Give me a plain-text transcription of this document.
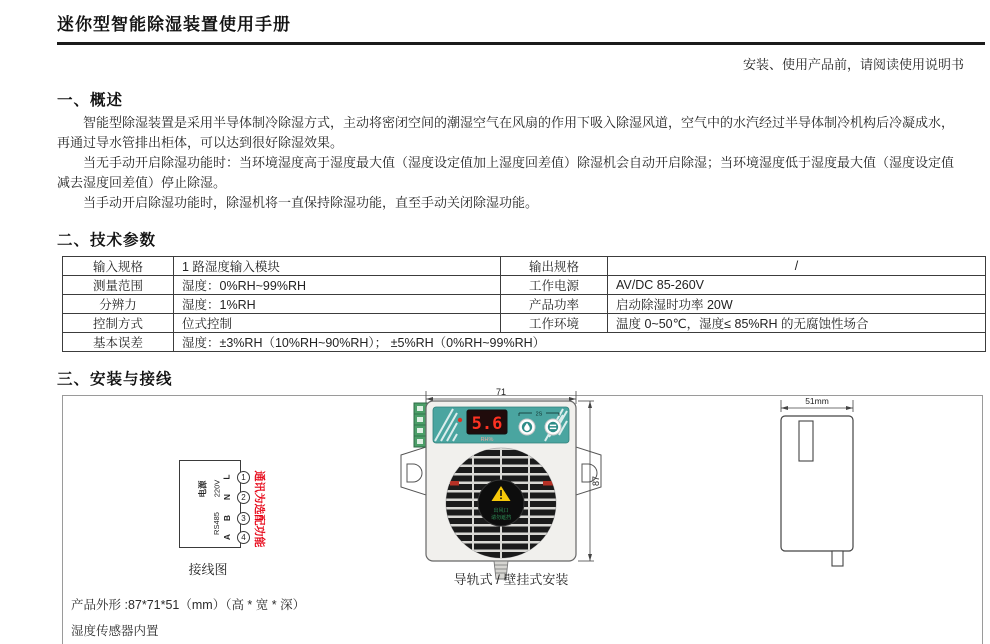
迷你型智能除湿装置使用手册
安装、使用产品前，请阅读使用说明书
一、概述

智能型除湿装置是采用半导体制冷除湿方式，主动将密闭空间的潮湿空气在风扇的作用下吸入除湿风道，空气中的水汽经过半导体制冷机构后冷凝成水，再通过导水管排出柜体，可以达到很好除湿效果。

当无手动开启除湿功能时：当环境湿度高于湿度最大值（湿度设定值加上湿度回差值）除湿机会自动开启除湿；当环境湿度低于湿度最大值（湿度设定值减去湿度回差值）停止除湿。

当手动开启除湿功能时，除湿机将一直保持除湿功能，直至手动关闭除湿功能。

二、技术参数
输入规格	1 路湿度输入模块	输出规格	/
测量范围	湿度：0%RH~99%RH	工作电源	AV/DC 85-260V
分辨力	湿度：1%RH	产品功率	启动除湿时功率 20W
控制方式	位式控制	工作环境	温度 0~50℃，湿度≤ 85%RH 的无腐蚀性场合
基本误差	湿度：±3%RH（10%RH~90%RH）； ±5%RH（0%RH~99%RH）		
三、安装与接线
1
2
3
4
L
N
B
A
220V
电源
RS485	通讯为选配功能
接线图
71
5.6
RH%
2S
出风口
请勿遮挡
87
导轨式 / 壁挂式安装
51mm
产品外形 :87*71*51（mm）（高 * 宽 * 深）
湿度传感器内置
